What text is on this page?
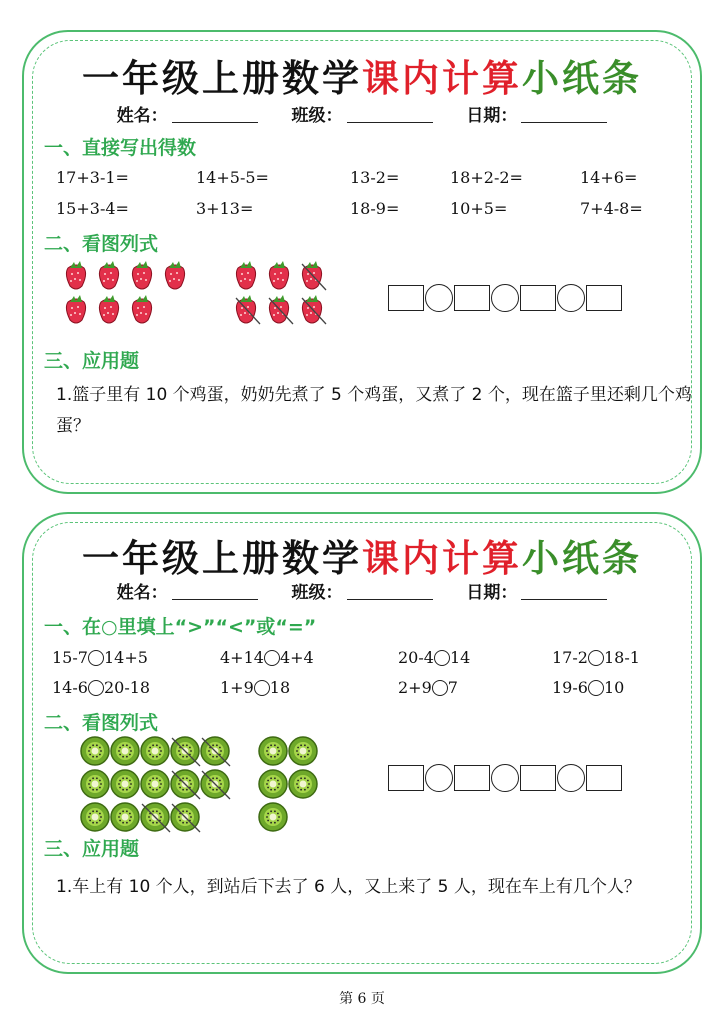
一年级上册数学课内计算小纸条
姓名：	班级：	日期：
一、直接写出得数
17+3-1=	14+5-5=	13-2=	18+2-2=	14+6=
15+3-4=	3+13=	18-9=	10+5=	7+4-8=
二、看图列式
三、应用题
1.篮子里有 10 个鸡蛋，奶奶先煮了 5 个鸡蛋，又煮了 2 个，现在篮子里还剩几个鸡蛋？
一年级上册数学课内计算小纸条
姓名：	班级：	日期：
一、在○里填上“>”“<”或“=”
15-7 14+5	4+14 4+4	20-4 14	17-2 18-1
14-6 20-18	1+9 18	2+9 7	19-6 10
二、看图列式
三、应用题
1.车上有 10 个人，到站后下去了 6 人，又上来了 5 人，现在车上有几个人？
第 6 页
